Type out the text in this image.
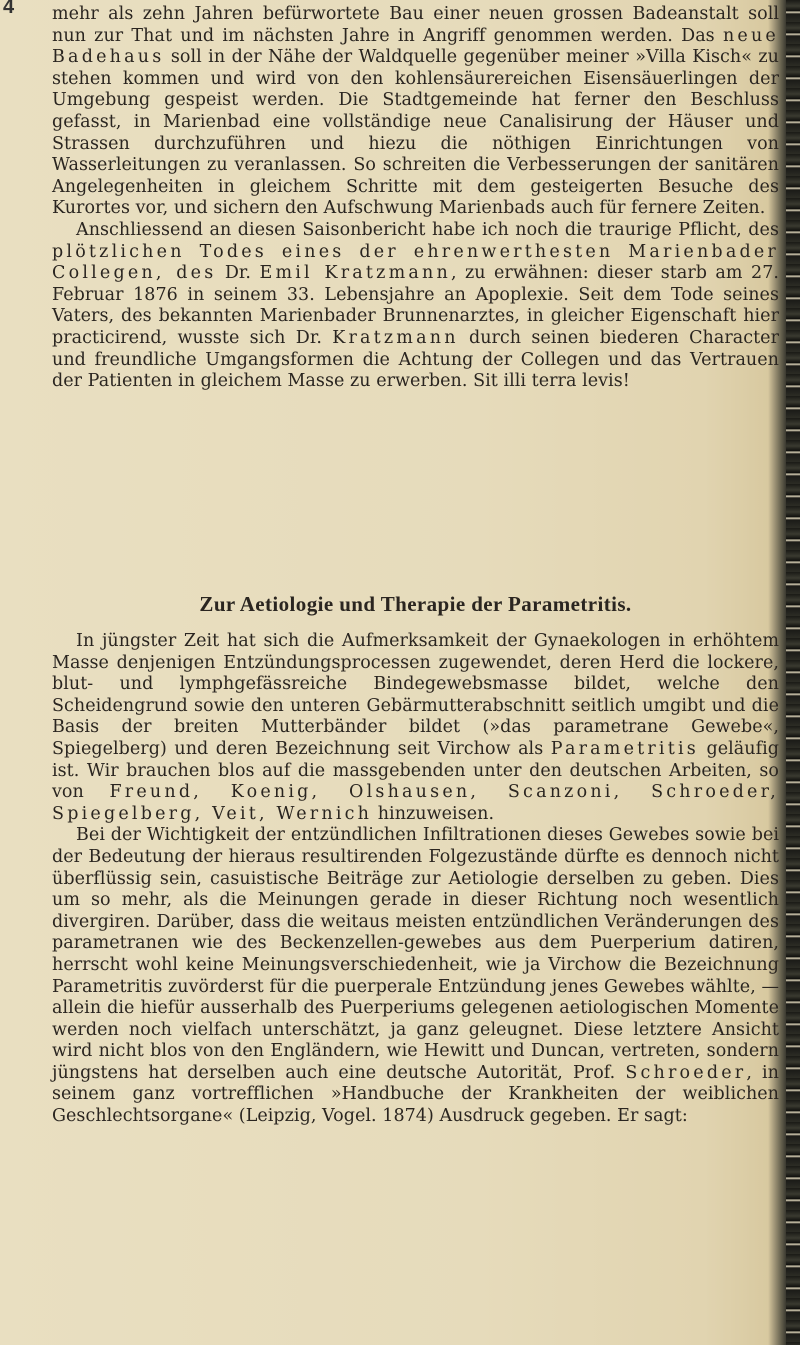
4 mehr als zehn Jahren befürwortete Bau einer neuen grossen Badeanstalt soll nun zur That und im nächsten Jahre in Angriff genommen werden. Das neue Badehaus soll in der Nähe der Waldquelle gegenüber meiner »Villa Kisch« zu stehen kommen und wird von den kohlensäurereichen Eisensäuerlingen der Umgebung gespeist werden. Die Stadtgemeinde hat ferner den Beschluss gefasst, in Marienbad eine vollständige neue Canalisirung der Häuser und Strassen durchzuführen und hiezu die nöthigen Einrichtungen von Wasserleitungen zu veranlassen. So schreiten die Verbesserungen der sanitären Angelegenheiten in gleichem Schritte mit dem gesteigerten Besuche des Kurortes vor, und sichern den Aufschwung Marienbads auch für fernere Zeiten.

Anschliessend an diesen Saisonbericht habe ich noch die traurige Pflicht, des plötzlichen Todes eines der ehrenwerthesten Marienbader Collegen, des Dr. Emil Kratzmann, zu erwähnen: dieser starb am 27. Februar 1876 in seinem 33. Lebensjahre an Apoplexie. Seit dem Tode seines Vaters, des bekannten Marienbader Brunnenarztes, in gleicher Eigenschaft hier practicirend, wusste sich Dr. Kratzmann durch seinen biederen Character und freundliche Umgangsformen die Achtung der Collegen und das Vertrauen der Patienten in gleichem Masse zu erwerben. Sit illi terra levis!

Zur Aetiologie und Therapie der Parametritis.

In jüngster Zeit hat sich die Aufmerksamkeit der Gynaekologen in erhöhtem Masse denjenigen Entzündungsprocessen zugewendet, deren Herd die lockere, blut- und lymphgefässreiche Bindegewebsmasse bildet, welche den Scheidengrund sowie den unteren Gebärmutterabschnitt seitlich umgibt und die Basis der breiten Mutterbänder bildet (»das parametrane Gewebe«, Spiegelberg) und deren Bezeichnung seit Virchow als Parametritis geläufig ist. Wir brauchen blos auf die massgebenden unter den deutschen Arbeiten, so von Freund, Koenig, Olshausen, Scanzoni, Schroeder, Spiegelberg, Veit, Wernich hinzuweisen.

Bei der Wichtigkeit der entzündlichen Infiltrationen dieses Gewebes sowie bei der Bedeutung der hieraus resultirenden Folgezustände dürfte es dennoch nicht überflüssig sein, casuistische Beiträge zur Aetiologie derselben zu geben. Dies um so mehr, als die Meinungen gerade in dieser Richtung noch wesentlich divergiren. Darüber, dass die weitaus meisten entzündlichen Veränderungen des parametranen wie des Beckenzellen-gewebes aus dem Puerperium datiren, herrscht wohl keine Meinungsverschiedenheit, wie ja Virchow die Bezeichnung Parametritis zuvörderst für die puerperale Entzündung jenes Gewebes wählte, — allein die hiefür ausserhalb des Puerperiums gelegenen aetiologischen Momente werden noch vielfach unterschätzt, ja ganz geleugnet. Diese letztere Ansicht wird nicht blos von den Engländern, wie Hewitt und Duncan, vertreten, sondern jüngstens hat derselben auch eine deutsche Autorität, Prof. Schroeder, in seinem ganz vortrefflichen »Handbuche der Krankheiten der weiblichen Geschlechtsorgane« (Leipzig, Vogel. 1874) Ausdruck gegeben. Er sagt:
